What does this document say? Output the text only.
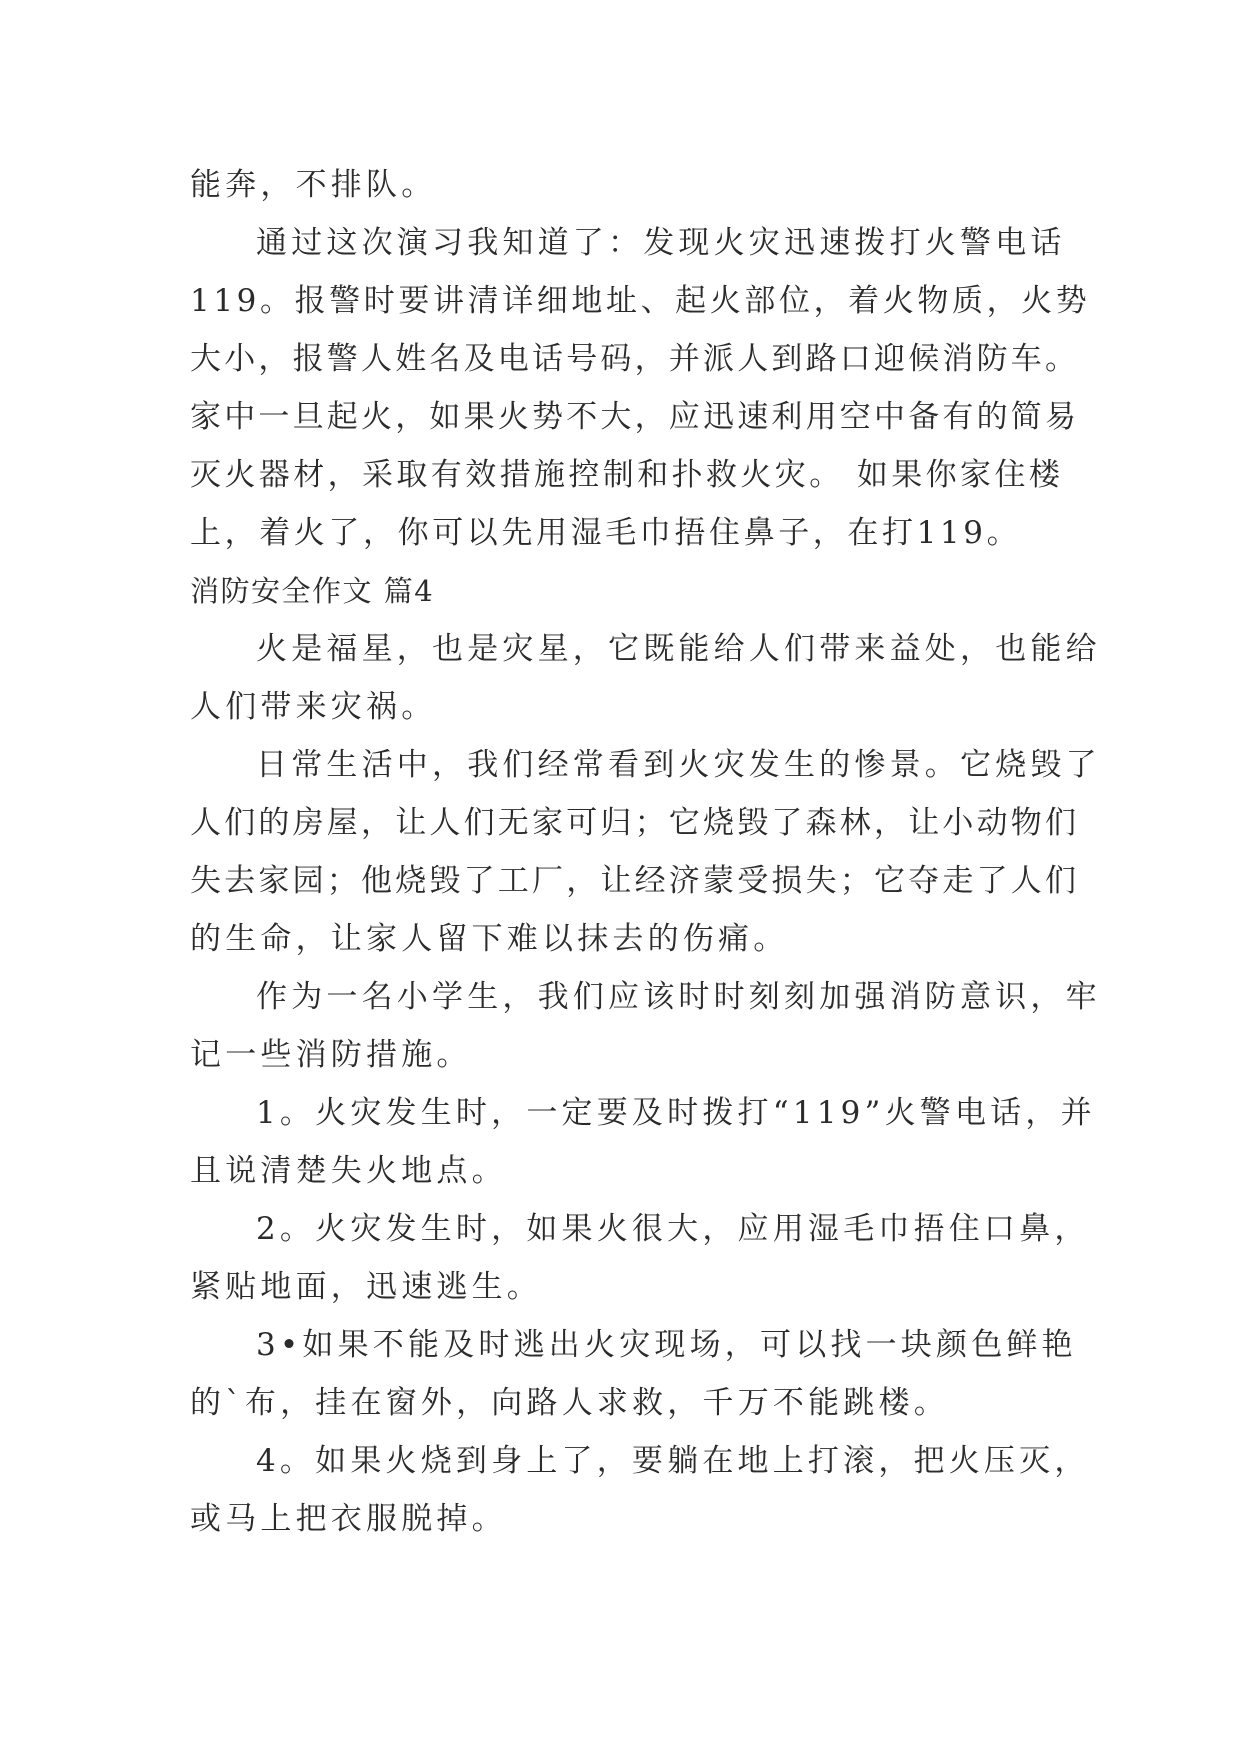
能奔，不排队。
通过这次演习我知道了：发现火灾迅速拨打火警电话
119。报警时要讲清详细地址、起火部位，着火物质，火势
大小，报警人姓名及电话号码，并派人到路口迎候消防车。
家中一旦起火，如果火势不大，应迅速利用空中备有的简易
灭火器材，采取有效措施控制和扑救火灾。 如果你家住楼
上，着火了，你可以先用湿毛巾捂住鼻子，在打119。
消防安全作文 篇4
火是福星，也是灾星，它既能给人们带来益处，也能给
人们带来灾祸。
日常生活中，我们经常看到火灾发生的惨景。它烧毁了
人们的房屋，让人们无家可归；它烧毁了森林，让小动物们
失去家园；他烧毁了工厂，让经济蒙受损失；它夺走了人们
的生命，让家人留下难以抹去的伤痛。
作为一名小学生，我们应该时时刻刻加强消防意识，牢
记一些消防措施。
1。火灾发生时，一定要及时拨打“119”火警电话，并
且说清楚失火地点。
2。火灾发生时，如果火很大，应用湿毛巾捂住口鼻，
紧贴地面，迅速逃生。
3•如果不能及时逃出火灾现场，可以找一块颜色鲜艳
的`布，挂在窗外，向路人求救，千万不能跳楼。
4。如果火烧到身上了，要躺在地上打滚，把火压灭，
或马上把衣服脱掉。
